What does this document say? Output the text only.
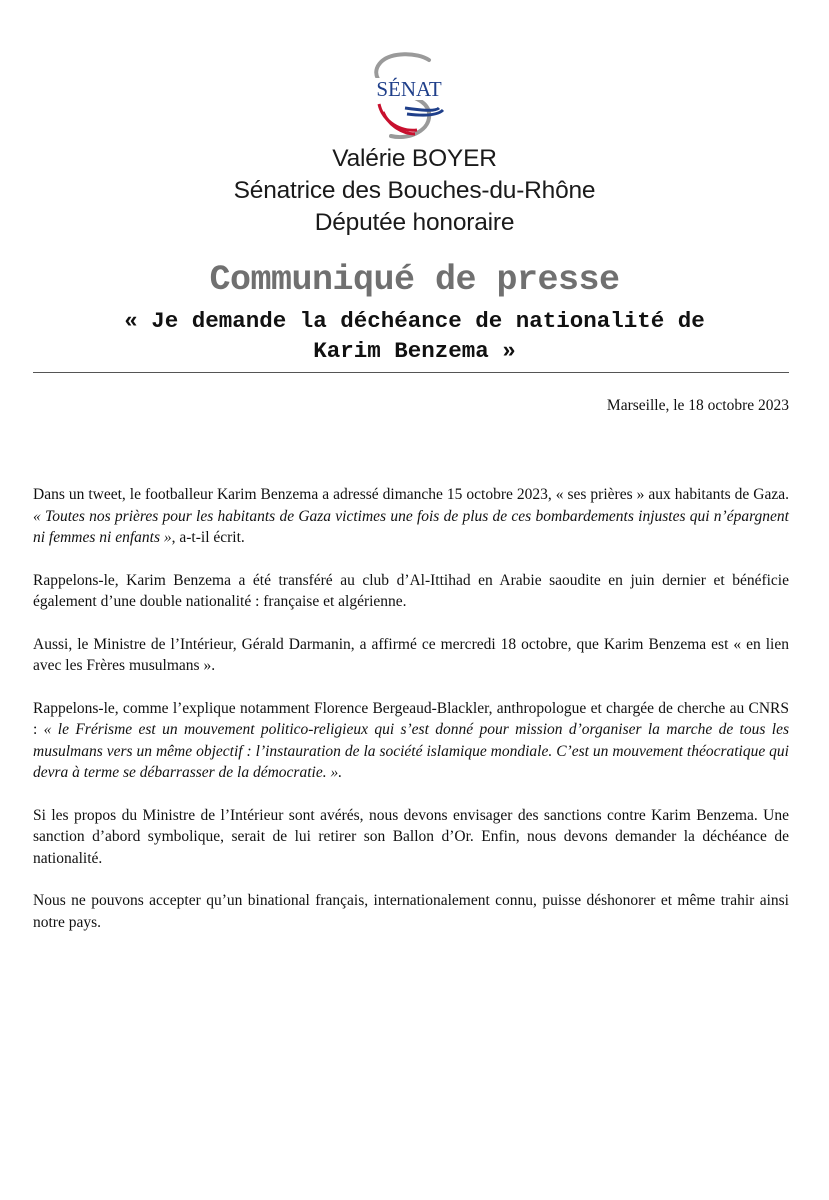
SÉNAT
Valérie BOYER
Sénatrice des Bouches-du-Rhône
Députée honoraire
Communiqué de presse
« Je demande la déchéance de nationalité de
Karim Benzema »
Marseille, le 18 octobre 2023

Dans un tweet, le footballeur Karim Benzema a adressé dimanche 15 octobre 2023, « ses prières » aux habitants de Gaza. « Toutes nos prières pour les habitants de Gaza victimes une fois de plus de ces bombardements injustes qui n’épargnent ni femmes ni enfants », a-t-il écrit.

Rappelons-le, Karim Benzema a été transféré au club d’Al-Ittihad en Arabie saoudite en juin dernier et bénéficie également d’une double nationalité : française et algérienne.

Aussi, le Ministre de l’Intérieur, Gérald Darmanin, a affirmé ce mercredi 18 octobre, que Karim Benzema est « en lien avec les Frères musulmans ».

Rappelons-le, comme l’explique notamment Florence Bergeaud-Blackler, anthropologue et chargée de cherche au CNRS : « le Frérisme est un mouvement politico-religieux qui s’est donné pour mission d’organiser la marche de tous les musulmans vers un même objectif : l’instauration de la société islamique mondiale. C’est un mouvement théocratique qui devra à terme se débarrasser de la démocratie. ».

Si les propos du Ministre de l’Intérieur sont avérés, nous devons envisager des sanctions contre Karim Benzema. Une sanction d’abord symbolique, serait de lui retirer son Ballon d’Or. Enfin, nous devons demander la déchéance de nationalité.

Nous ne pouvons accepter qu’un binational français, internationalement connu, puisse déshonorer et même trahir ainsi notre pays.
